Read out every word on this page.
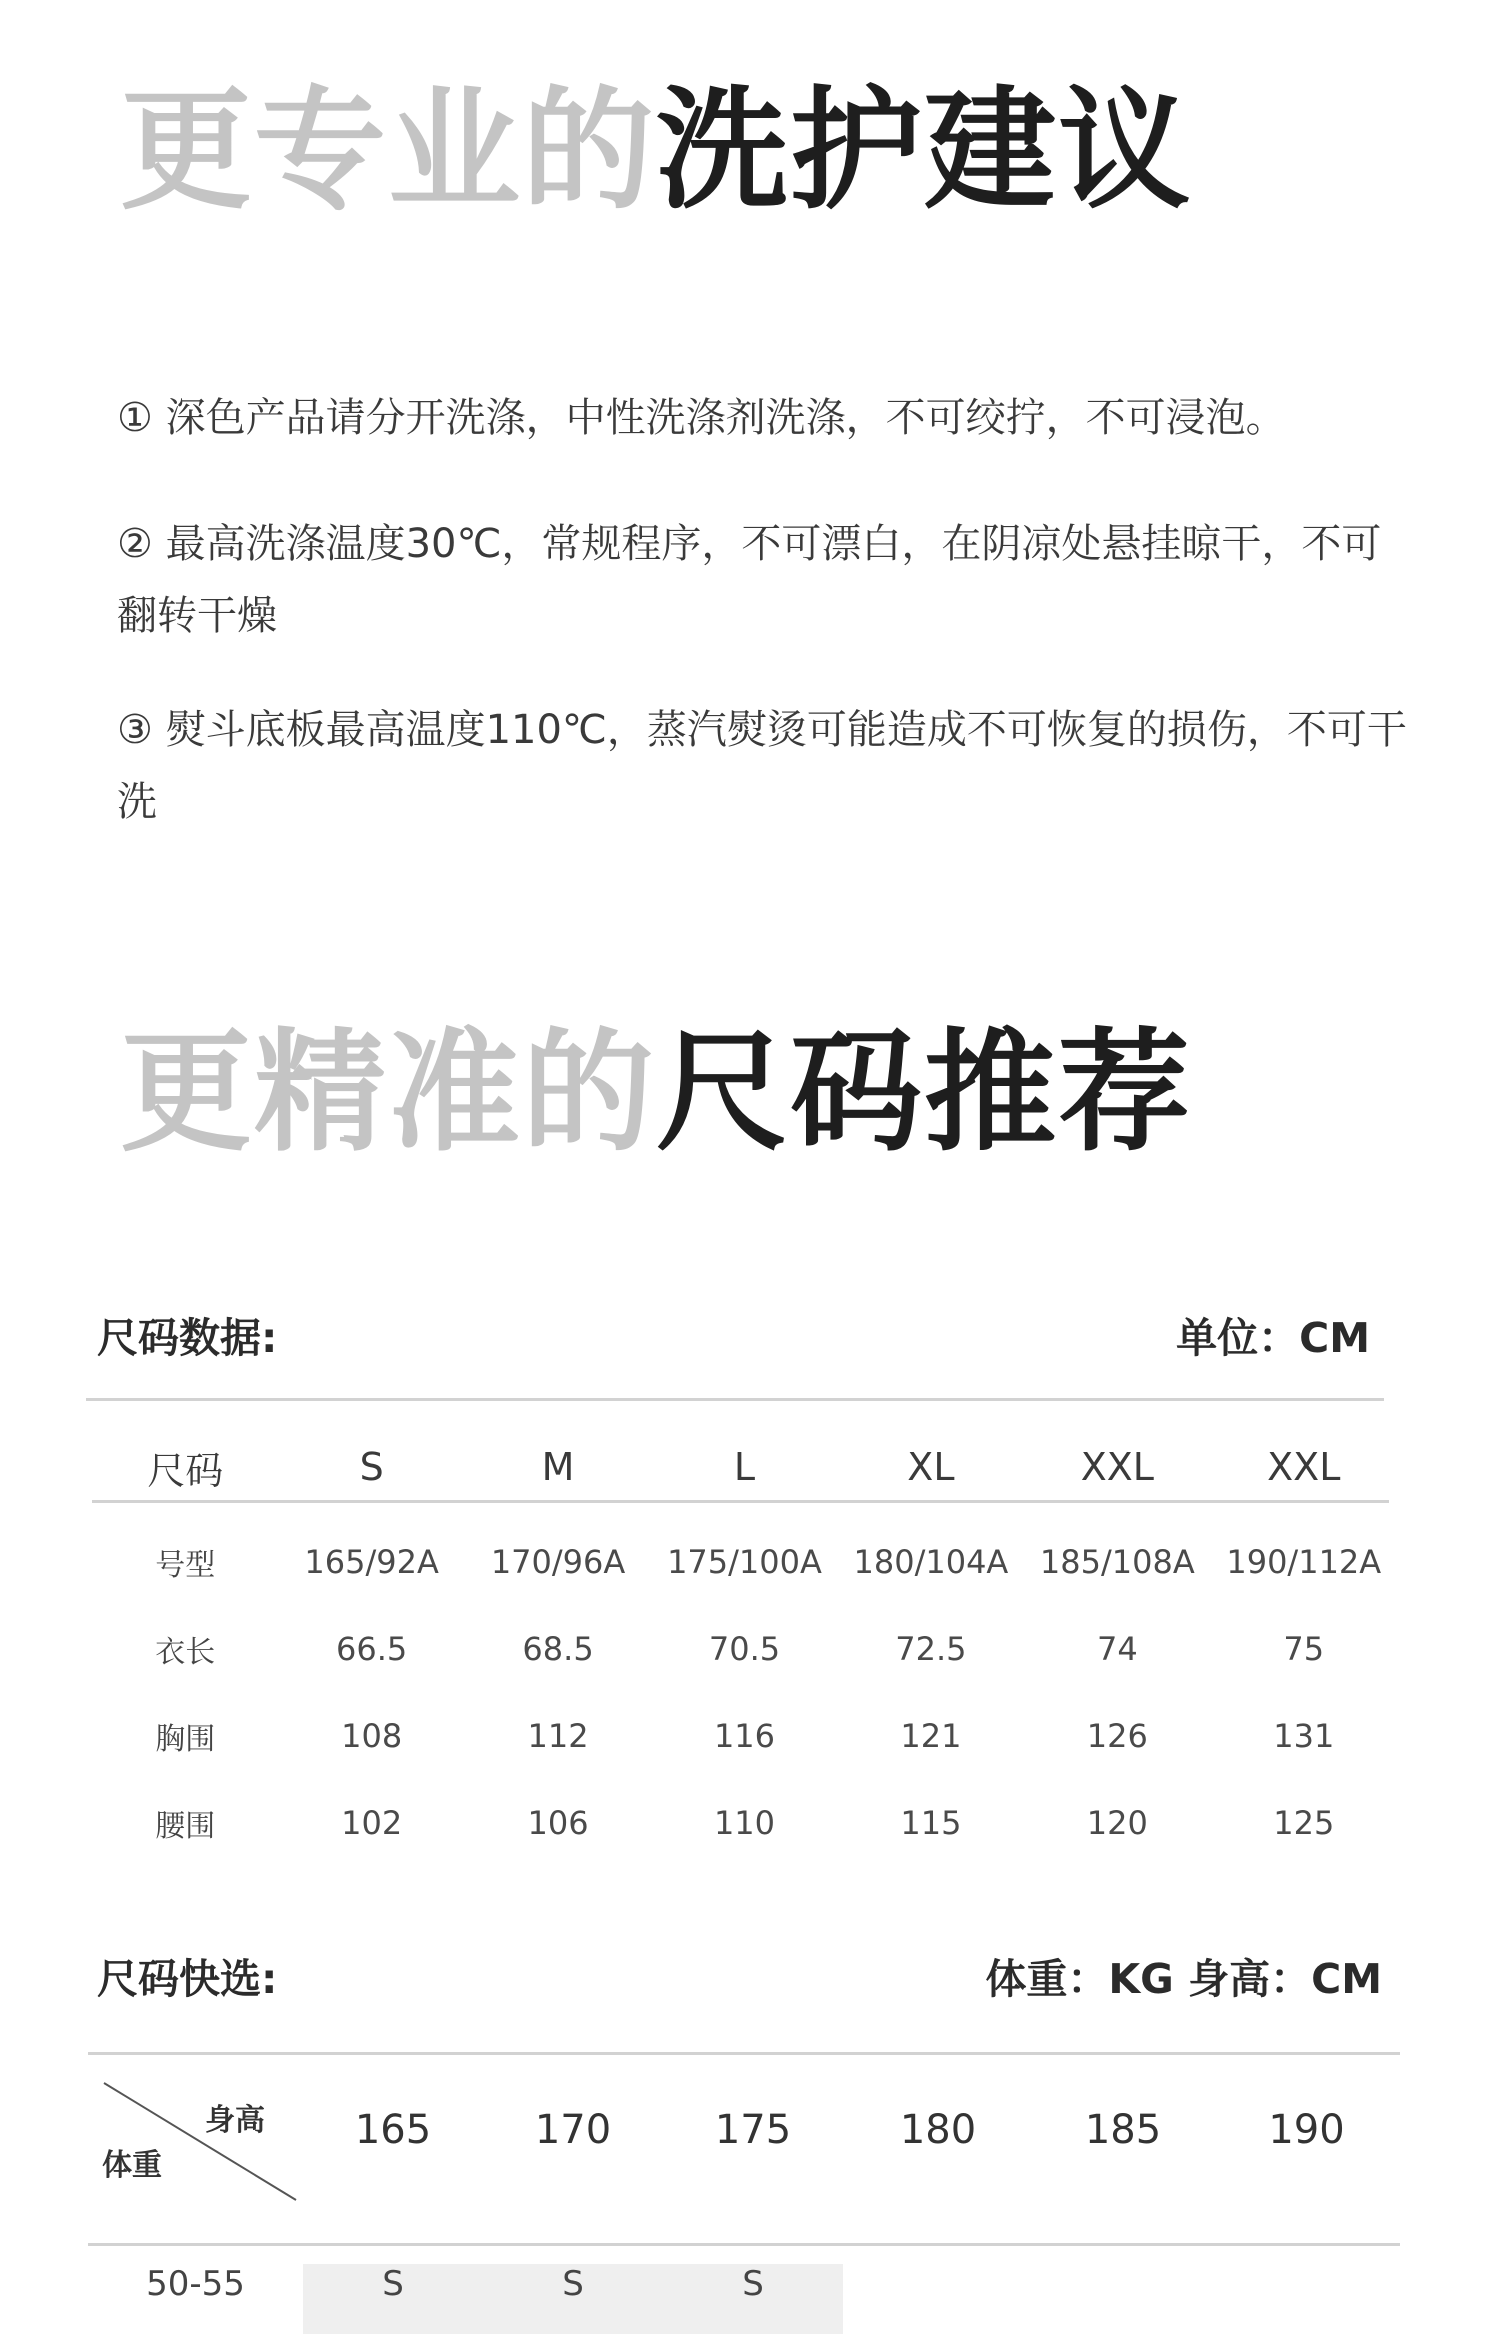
更专业的洗护建议
① 深色产品请分开洗涤，中性洗涤剂洗涤，不可绞拧，不可浸泡。
② 最高洗涤温度30℃，常规程序，不可漂白，在阴凉处悬挂晾干，不可翻转干燥
③ 熨斗底板最高温度110℃，蒸汽熨烫可能造成不可恢复的损伤，不可干洗
更精准的尺码推荐
尺码数据:	单位：CM
尺码	S	M	L	XL	XXL	XXL
号型	165/92A	170/96A	175/100A	180/104A	185/108A	190/112A
衣长	66.5	68.5	70.5	72.5	74	75
胸围	108	112	116	121	126	131
腰围	102	106	110	115	120	125
尺码快选:	体重：KG 身高：CM
身高
体重
	165	170	175	180	185	190
50-55	S	S	S			
